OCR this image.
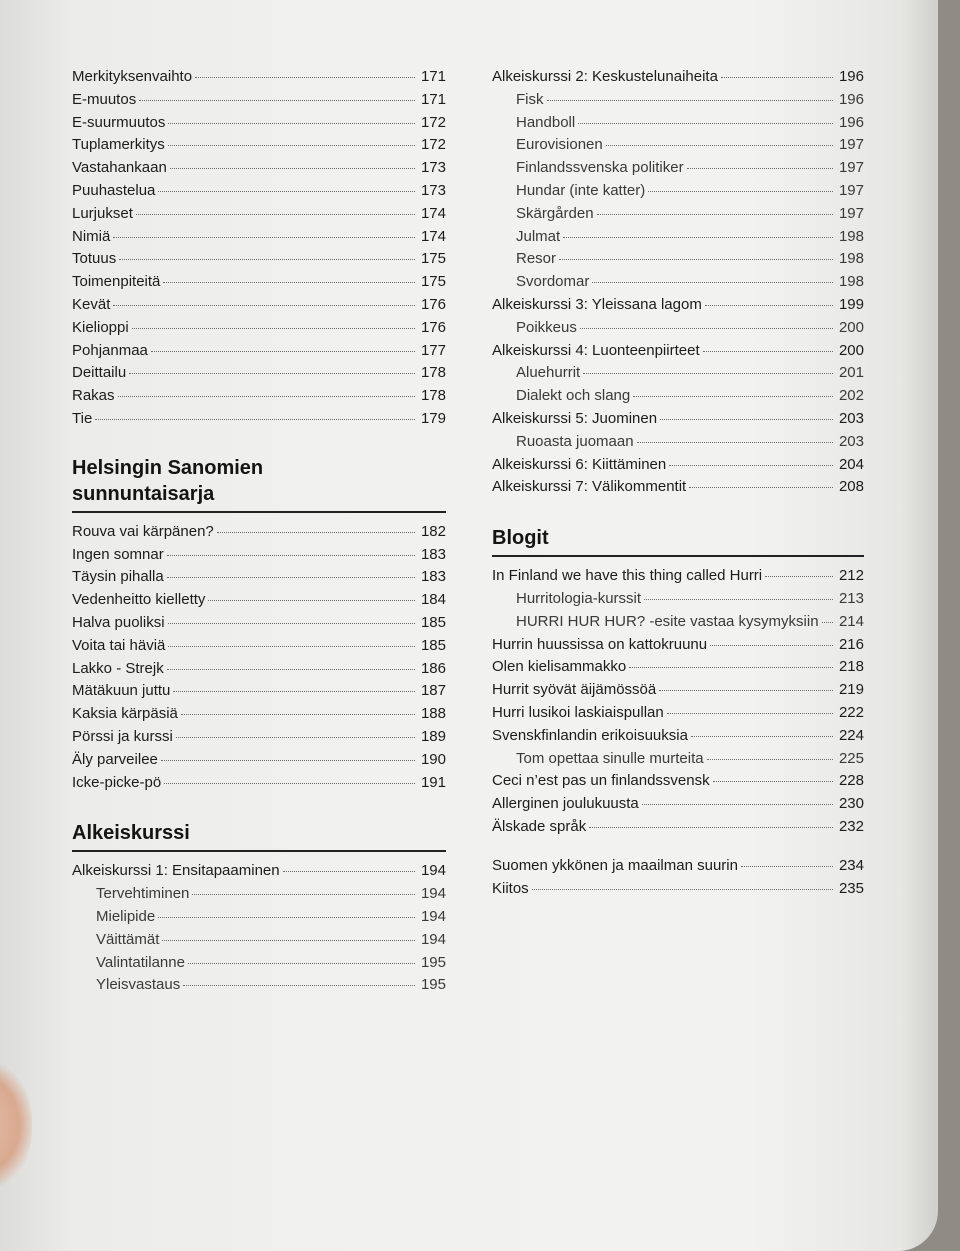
Merkityksenvaihto	171
E-muutos	171
E-suurmuutos	172
Tuplamerkitys	172
Vastahankaan	173
Puuhastelua	173
Lurjukset	174
Nimiä	174
Totuus	175
Toimenpiteitä	175
Kevät	176
Kielioppi	176
Pohjanmaa	177
Deittailu	178
Rakas	178
Tie	179
Helsingin Sanomien
sunnuntaisarja
Rouva vai kärpänen?	182
Ingen somnar	183
Täysin pihalla	183
Vedenheitto kielletty	184
Halva puoliksi	185
Voita tai häviä	185
Lakko - Strejk	186
Mätäkuun juttu	187
Kaksia kärpäsiä	188
Pörssi ja kurssi	189
Äly parveilee	190
Icke-picke-pö	191
Alkeiskurssi
Alkeiskurssi 1: Ensitapaaminen	194
Tervehtiminen	194
Mielipide	194
Väittämät	194
Valintatilanne	195
Yleisvastaus	195
Alkeiskurssi 2: Keskustelunaiheita	196
Fisk	196
Handboll	196
Eurovisionen	197
Finlandssvenska politiker	197
Hundar (inte katter)	197
Skärgården	197
Julmat	198
Resor	198
Svordomar	198
Alkeiskurssi 3: Yleissana lagom	199
Poikkeus	200
Alkeiskurssi 4: Luonteenpiirteet	200
Aluehurrit	201
Dialekt och slang	202
Alkeiskurssi 5: Juominen	203
Ruoasta juomaan	203
Alkeiskurssi 6: Kiittäminen	204
Alkeiskurssi 7: Välikommentit	208
Blogit
In Finland we have this thing called Hurri	212
Hurritologia-kurssit	213
HURRI HUR HUR? -esite vastaa kysymyksiin 214
Hurrin huussissa on kattokruunu	216
Olen kielisammakko	218
Hurrit syövät äijämössöä	219
Hurri lusikoi laskiaispullan	222
Svenskfinlandin erikoisuuksia	224
Tom opettaa sinulle murteita	225
Ceci n’est pas un finlandssvensk	228
Allerginen joulukuusta	230
Älskade språk	232
Suomen ykkönen ja maailman suurin	234
Kiitos	235
